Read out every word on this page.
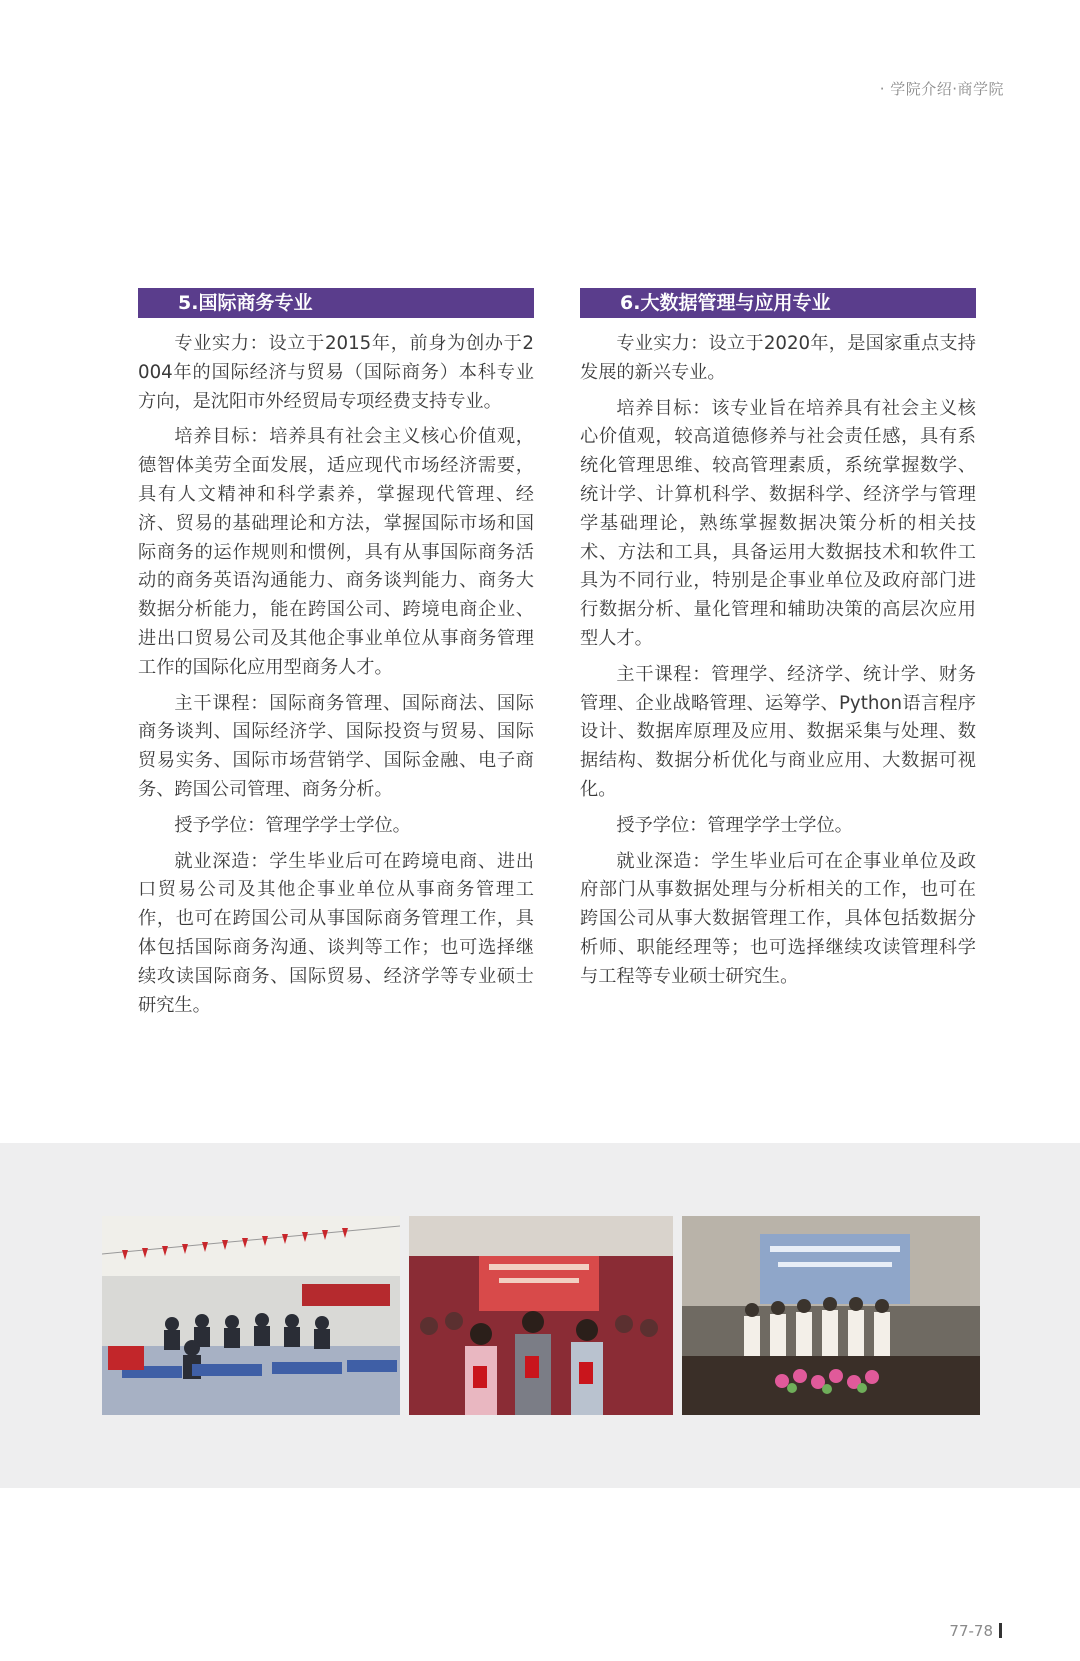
· 学院介绍·商学院
5.国际商务专业

专业实力：设立于2015年，前身为创办于2004年的国际经济与贸易（国际商务）本科专业方向，是沈阳市外经贸局专项经费支持专业。

培养目标：培养具有社会主义核心价值观，德智体美劳全面发展，适应现代市场经济需要，具有人文精神和科学素养，掌握现代管理、经济、贸易的基础理论和方法，掌握国际市场和国际商务的运作规则和惯例，具有从事国际商务活动的商务英语沟通能力、商务谈判能力、商务大数据分析能力，能在跨国公司、跨境电商企业、进出口贸易公司及其他企事业单位从事商务管理工作的国际化应用型商务人才。

主干课程：国际商务管理、国际商法、国际商务谈判、国际经济学、国际投资与贸易、国际贸易实务、国际市场营销学、国际金融、电子商务、跨国公司管理、商务分析。

授予学位：管理学学士学位。

就业深造：学生毕业后可在跨境电商、进出口贸易公司及其他企事业单位从事商务管理工作，也可在跨国公司从事国际商务管理工作，具体包括国际商务沟通、谈判等工作；也可选择继续攻读国际商务、国际贸易、经济学等专业硕士研究生。

6.大数据管理与应用专业

专业实力：设立于2020年，是国家重点支持发展的新兴专业。

培养目标：该专业旨在培养具有社会主义核心价值观，较高道德修养与社会责任感，具有系统化管理思维、较高管理素质，系统掌握数学、统计学、计算机科学、数据科学、经济学与管理学基础理论，熟练掌握数据决策分析的相关技术、方法和工具，具备运用大数据技术和软件工具为不同行业，特别是企事业单位及政府部门进行数据分析、量化管理和辅助决策的高层次应用型人才。

主干课程：管理学、经济学、统计学、财务管理、企业战略管理、运筹学、Python语言程序设计、数据库原理及应用、数据采集与处理、数据结构、数据分析优化与商业应用、大数据可视化。

授予学位：管理学学士学位。

就业深造：学生毕业后可在企事业单位及政府部门从事数据处理与分析相关的工作，也可在跨国公司从事大数据管理工作，具体包括数据分析师、职能经理等；也可选择继续攻读管理科学与工程等专业硕士研究生。

77-78
